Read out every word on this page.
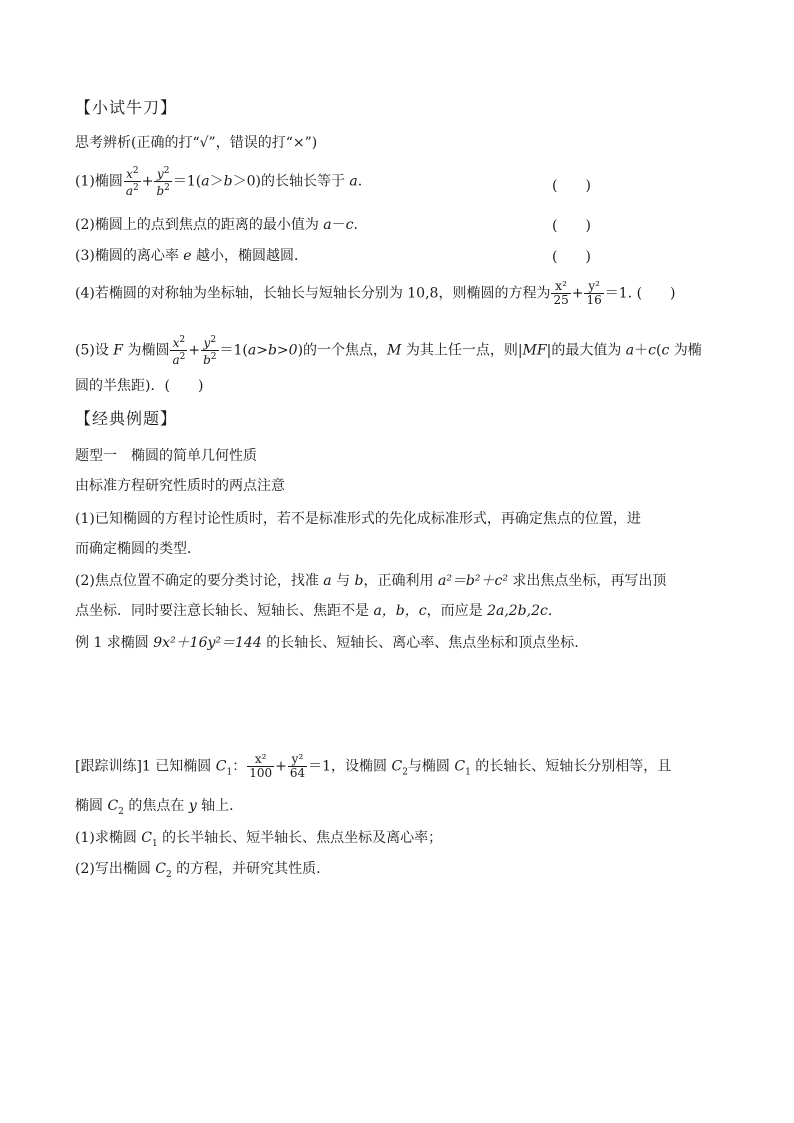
【小试牛刀】
思考辨析(正确的打“√”，错误的打“×”)
(1)椭圆 $\frac{x^2}{a^2} + \frac{y^2}{b^2} =1(a>b>0)$的长轴长等于 a.	(　　)
(2)椭圆上的点到焦点的距离的最小值为 a－c.	(　　)
(3)椭圆的离心率 e 越小，椭圆越圆．	(　　)
(4)若椭圆的对称轴为坐标轴，长轴长与短轴长分别为 10,8，则椭圆的方程为 $\frac{\text{x²}}{25} + \frac{\text{y²}}{16} =1$. (　　)
(5)设 F 为椭圆 $\frac{x^2}{a^2} + \frac{y^2}{b^2} =1(a>b>0)$的一个焦点，M 为其上任一点，则|MF|的最大值为 a＋c(c 为椭
圆的半焦距)．(　　 )
【经典例题】
题型一　椭圆的简单几何性质
由标准方程研究性质时的两点注意
(1)已知椭圆的方程讨论性质时，若不是标准形式的先化成标准形式，再确定焦点的位置，进
而确定椭圆的类型．
(2)焦点位置不确定的要分类讨论，找准 a 与 b，正确利用 a²＝b²＋c² 求出焦点坐标，再写出顶
点坐标．同时要注意长轴长、短轴长、焦距不是 a，b，c，而应是 2a,2b,2c.
例 1 求椭圆 9x²＋16y²＝144 的长轴长、短轴长、离心率、焦点坐标和顶点坐标.
[跟踪训练]1 已知椭圆 $C_1$： $\frac{\text{x²}}{100} + \frac{\text{y²}}{64} =1$，设椭圆 $C_2$与椭圆 $C_1$ 的长轴长、短轴长分别相等，且
椭圆 $C_2$ 的焦点在 y 轴上．
(1)求椭圆 $C_1$ 的长半轴长、短半轴长、焦点坐标及离心率；
(2)写出椭圆 $C_2$ 的方程，并研究其性质.
